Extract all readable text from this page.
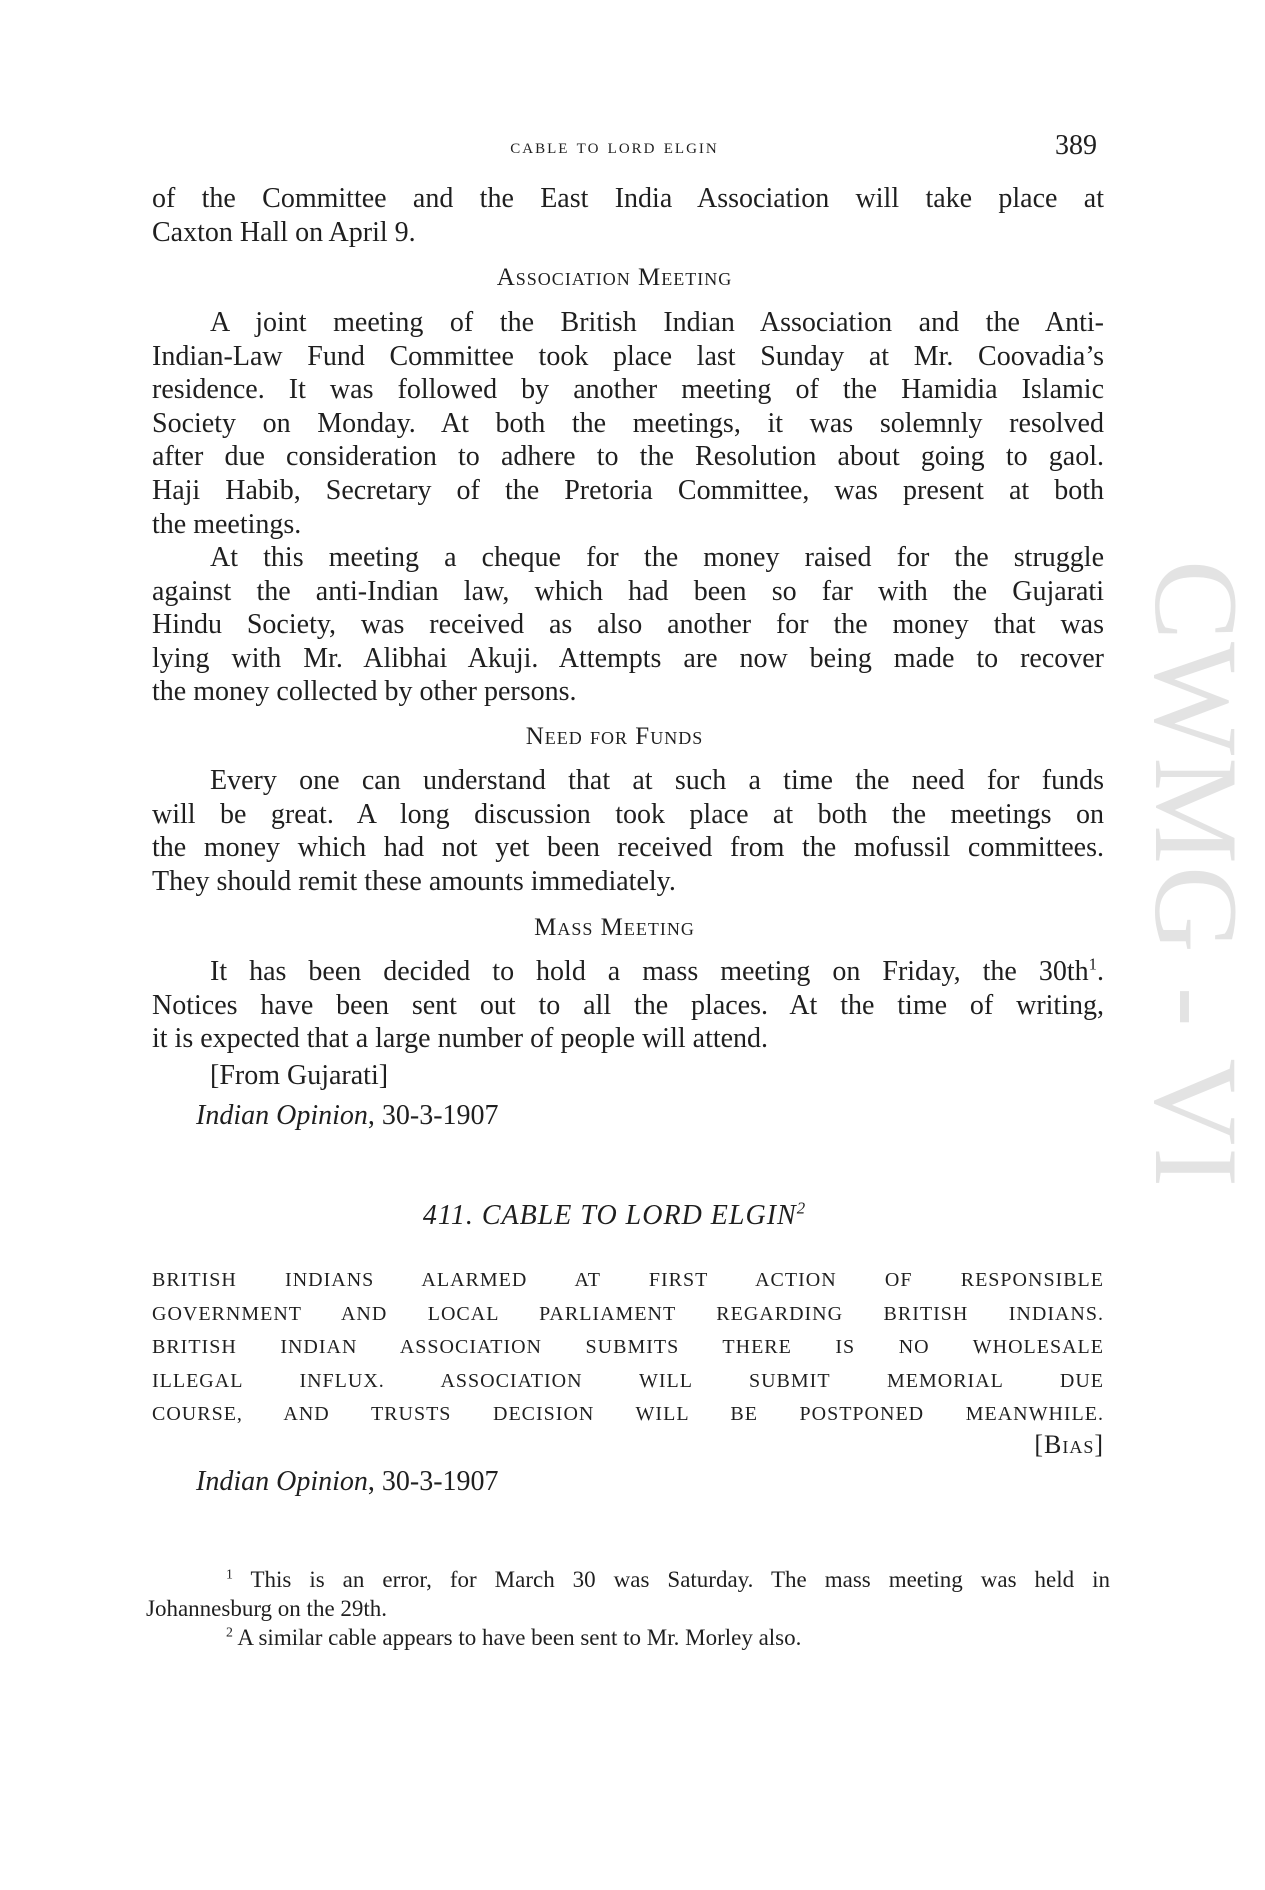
CWMG - VI
cable to lord elgin	389
of the Committee and the East India Association will take place at
Caxton Hall on April 9.
Association Meeting
A joint meeting of the British Indian Association and the Anti-
Indian-Law Fund Committee took place last Sunday at Mr. Coovadia’s
residence. It was followed by another meeting of the Hamidia Islamic
Society on Monday. At both the meetings, it was solemnly resolved
after due consideration to adhere to the Resolution about going to gaol.
Haji Habib, Secretary of the Pretoria Committee, was present at both
the meetings.
At this meeting a cheque for the money raised for the struggle
against the anti-Indian law, which had been so far with the Gujarati
Hindu Society, was received as also another for the money that was
lying with Mr. Alibhai Akuji. Attempts are now being made to recover
the money collected by other persons.
Need for Funds
Every one can understand that at such a time the need for funds
will be great. A long discussion took place at both the meetings on
the money which had not yet been received from the mofussil committees.
They should remit these amounts immediately.
Mass Meeting
It has been decided to hold a mass meeting on Friday, the $30th^1$.
Notices have been sent out to all the places. At the time of writing,
it is expected that a large number of people will attend.
[From Gujarati]
Indian Opinion, 30-3-1907
411. CABLE TO LORD ELGIN$^2$
BRITISH INDIANS ALARMED AT FIRST ACTION OF RESPONSIBLE
GOVERNMENT AND LOCAL PARLIAMENT REGARDING BRITISH INDIANS.
BRITISH INDIAN ASSOCIATION SUBMITS THERE IS NO WHOLESALE
ILLEGAL INFLUX. ASSOCIATION WILL SUBMIT MEMORIAL DUE
COURSE, AND TRUSTS DECISION WILL BE POSTPONED MEANWHILE.
[Bias]
Indian Opinion, 30-3-1907
$^1$ This is an error, for March 30 was Saturday. The mass meeting was held in
Johannesburg on the 29th.
$^2$ A similar cable appears to have been sent to Mr. Morley also.
